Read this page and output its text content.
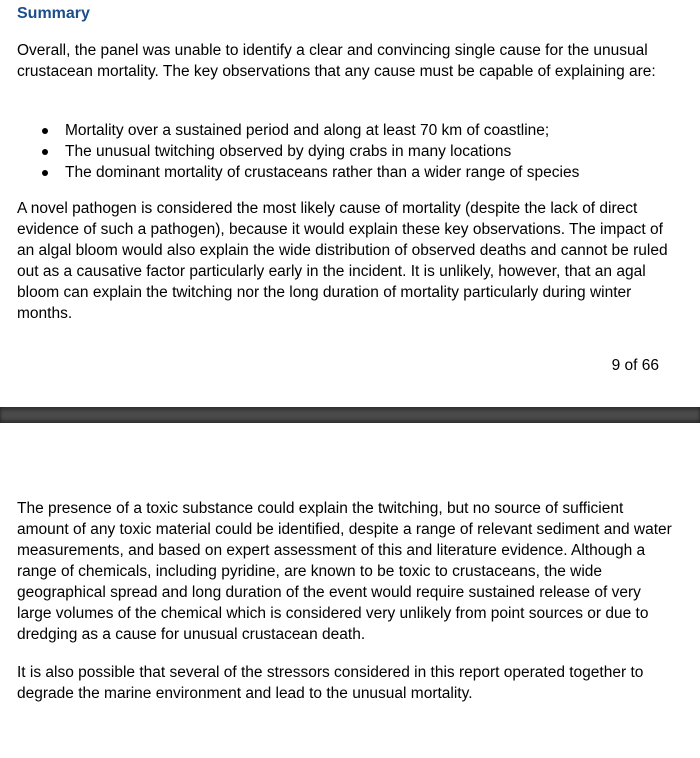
Summary

Overall, the panel was unable to identify a clear and convincing single cause for the unusual crustacean mortality. The key observations that any cause must be capable of explaining are:

Mortality over a sustained period and along at least 70 km of coastline;
The unusual twitching observed by dying crabs in many locations
The dominant mortality of crustaceans rather than a wider range of species

A novel pathogen is considered the most likely cause of mortality (despite the lack of direct evidence of such a pathogen), because it would explain these key observations. The impact of an algal bloom would also explain the wide distribution of observed deaths and cannot be ruled out as a causative factor particularly early in the incident. It is unlikely, however, that an agal bloom can explain the twitching nor the long duration of mortality particularly during winter months.

9 of 66

The presence of a toxic substance could explain the twitching, but no source of sufficient amount of any toxic material could be identified, despite a range of relevant sediment and water measurements, and based on expert assessment of this and literature evidence. Although a range of chemicals, including pyridine, are known to be toxic to crustaceans, the wide geographical spread and long duration of the event would require sustained release of very large volumes of the chemical which is considered very unlikely from point sources or due to dredging as a cause for unusual crustacean death.

It is also possible that several of the stressors considered in this report operated together to degrade the marine environment and lead to the unusual mortality.
